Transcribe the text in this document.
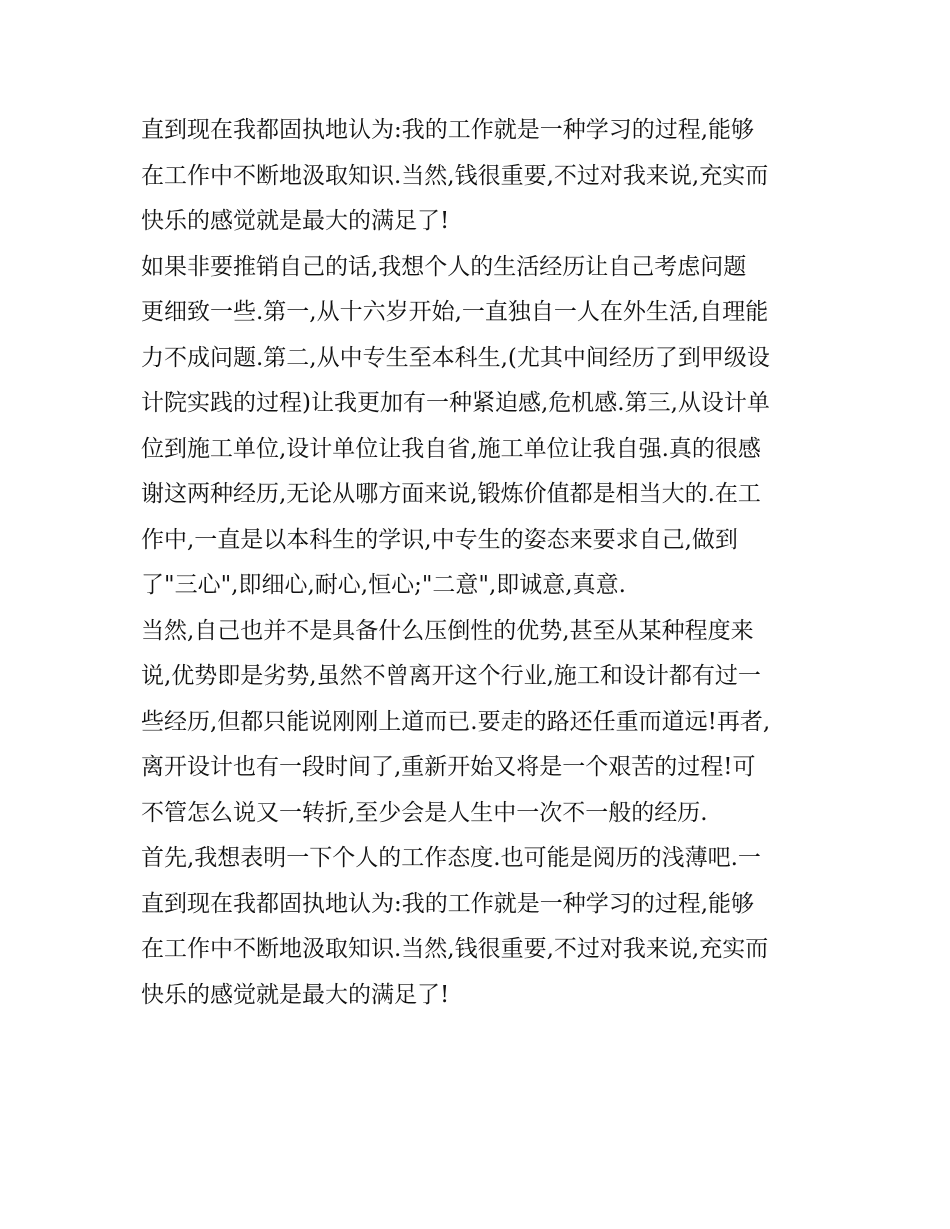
直到现在我都固执地认为:我的工作就是一种学习的过程,能够
在工作中不断地汲取知识.当然,钱很重要,不过对我来说,充实而
快乐的感觉就是最大的满足了!
如果非要推销自己的话,我想个人的生活经历让自己考虑问题
更细致一些.第一,从十六岁开始,一直独自一人在外生活,自理能
力不成问题.第二,从中专生至本科生,(尤其中间经历了到甲级设
计院实践的过程)让我更加有一种紧迫感,危机感.第三,从设计单
位到施工单位,设计单位让我自省,施工单位让我自强.真的很感
谢这两种经历,无论从哪方面来说,锻炼价值都是相当大的.在工
作中,一直是以本科生的学识,中专生的姿态来要求自己,做到
了"三心",即细心,耐心,恒心;"二意",即诚意,真意.
当然,自己也并不是具备什么压倒性的优势,甚至从某种程度来
说,优势即是劣势,虽然不曾离开这个行业,施工和设计都有过一
些经历,但都只能说刚刚上道而已.要走的路还任重而道远!再者,
离开设计也有一段时间了,重新开始又将是一个艰苦的过程!可
不管怎么说又一转折,至少会是人生中一次不一般的经历.
首先,我想表明一下个人的工作态度.也可能是阅历的浅薄吧.一
直到现在我都固执地认为:我的工作就是一种学习的过程,能够
在工作中不断地汲取知识.当然,钱很重要,不过对我来说,充实而
快乐的感觉就是最大的满足了!
